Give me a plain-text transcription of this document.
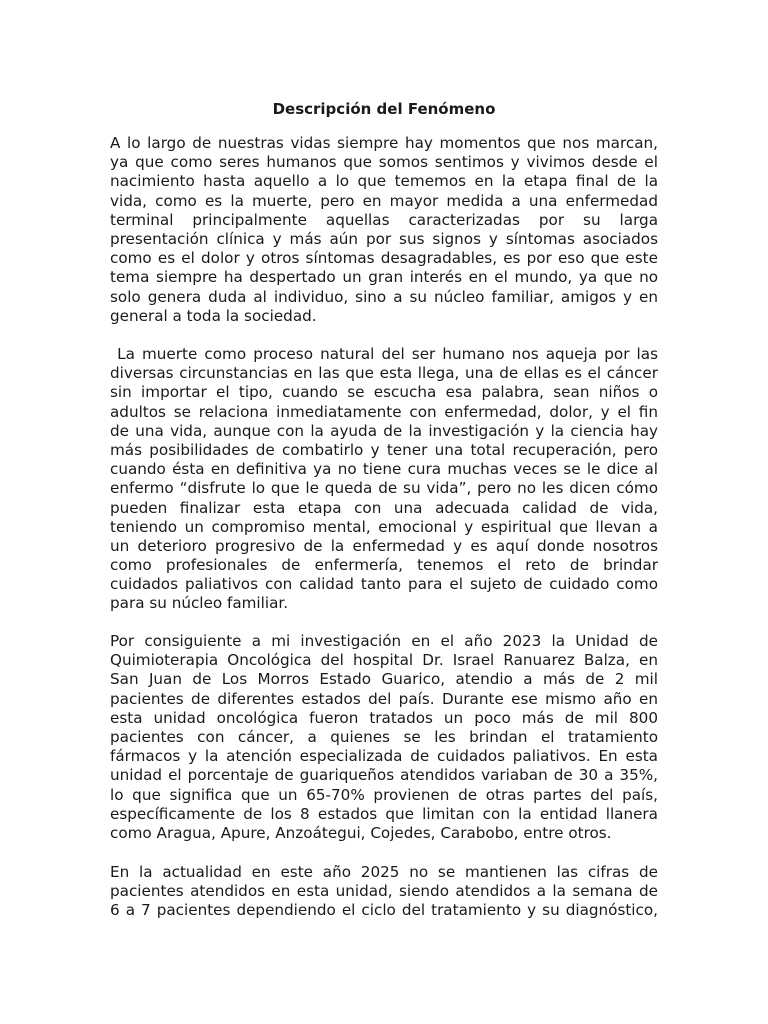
Descripción del Fenómeno
A lo largo de nuestras vidas siempre hay momentos que nos marcan,
ya que como seres humanos que somos sentimos y vivimos desde el
nacimiento hasta aquello a lo que tememos en la etapa final de la
vida, como es la muerte, pero en mayor medida a una enfermedad
terminal principalmente aquellas caracterizadas por su larga
presentación clínica y más aún por sus signos y síntomas asociados
como es el dolor y otros síntomas desagradables, es por eso que este
tema siempre ha despertado un gran interés en el mundo, ya que no
solo genera duda al individuo, sino a su núcleo familiar, amigos y en
general a toda la sociedad.
La muerte como proceso natural del ser humano nos aqueja por las
diversas circunstancias en las que esta llega, una de ellas es el cáncer
sin importar el tipo, cuando se escucha esa palabra, sean niños o
adultos se relaciona inmediatamente con enfermedad, dolor, y el fin
de una vida, aunque con la ayuda de la investigación y la ciencia hay
más posibilidades de combatirlo y tener una total recuperación, pero
cuando ésta en definitiva ya no tiene cura muchas veces se le dice al
enfermo “disfrute lo que le queda de su vida”, pero no les dicen cómo
pueden finalizar esta etapa con una adecuada calidad de vida,
teniendo un compromiso mental, emocional y espiritual que llevan a
un deterioro progresivo de la enfermedad y es aquí donde nosotros
como profesionales de enfermería, tenemos el reto de brindar
cuidados paliativos con calidad tanto para el sujeto de cuidado como
para su núcleo familiar.
Por consiguiente a mi investigación en el año 2023 la Unidad de
Quimioterapia Oncológica del hospital Dr. Israel Ranuarez Balza, en
San Juan de Los Morros Estado Guarico, atendio a más de 2 mil
pacientes de diferentes estados del país. Durante ese mismo año en
esta unidad oncológica fueron tratados un poco más de mil 800
pacientes con cáncer, a quienes se les brindan el tratamiento
fármacos y la atención especializada de cuidados paliativos. En esta
unidad el porcentaje de guariqueños atendidos variaban de 30 a 35%,
lo que significa que un 65-70% provienen de otras partes del país,
específicamente de los 8 estados que limitan con la entidad llanera
como Aragua, Apure, Anzoátegui, Cojedes, Carabobo, entre otros.
En la actualidad en este año 2025 no se mantienen las cifras de
pacientes atendidos en esta unidad, siendo atendidos a la semana de
6 a 7 pacientes dependiendo el ciclo del tratamiento y su diagnóstico,
